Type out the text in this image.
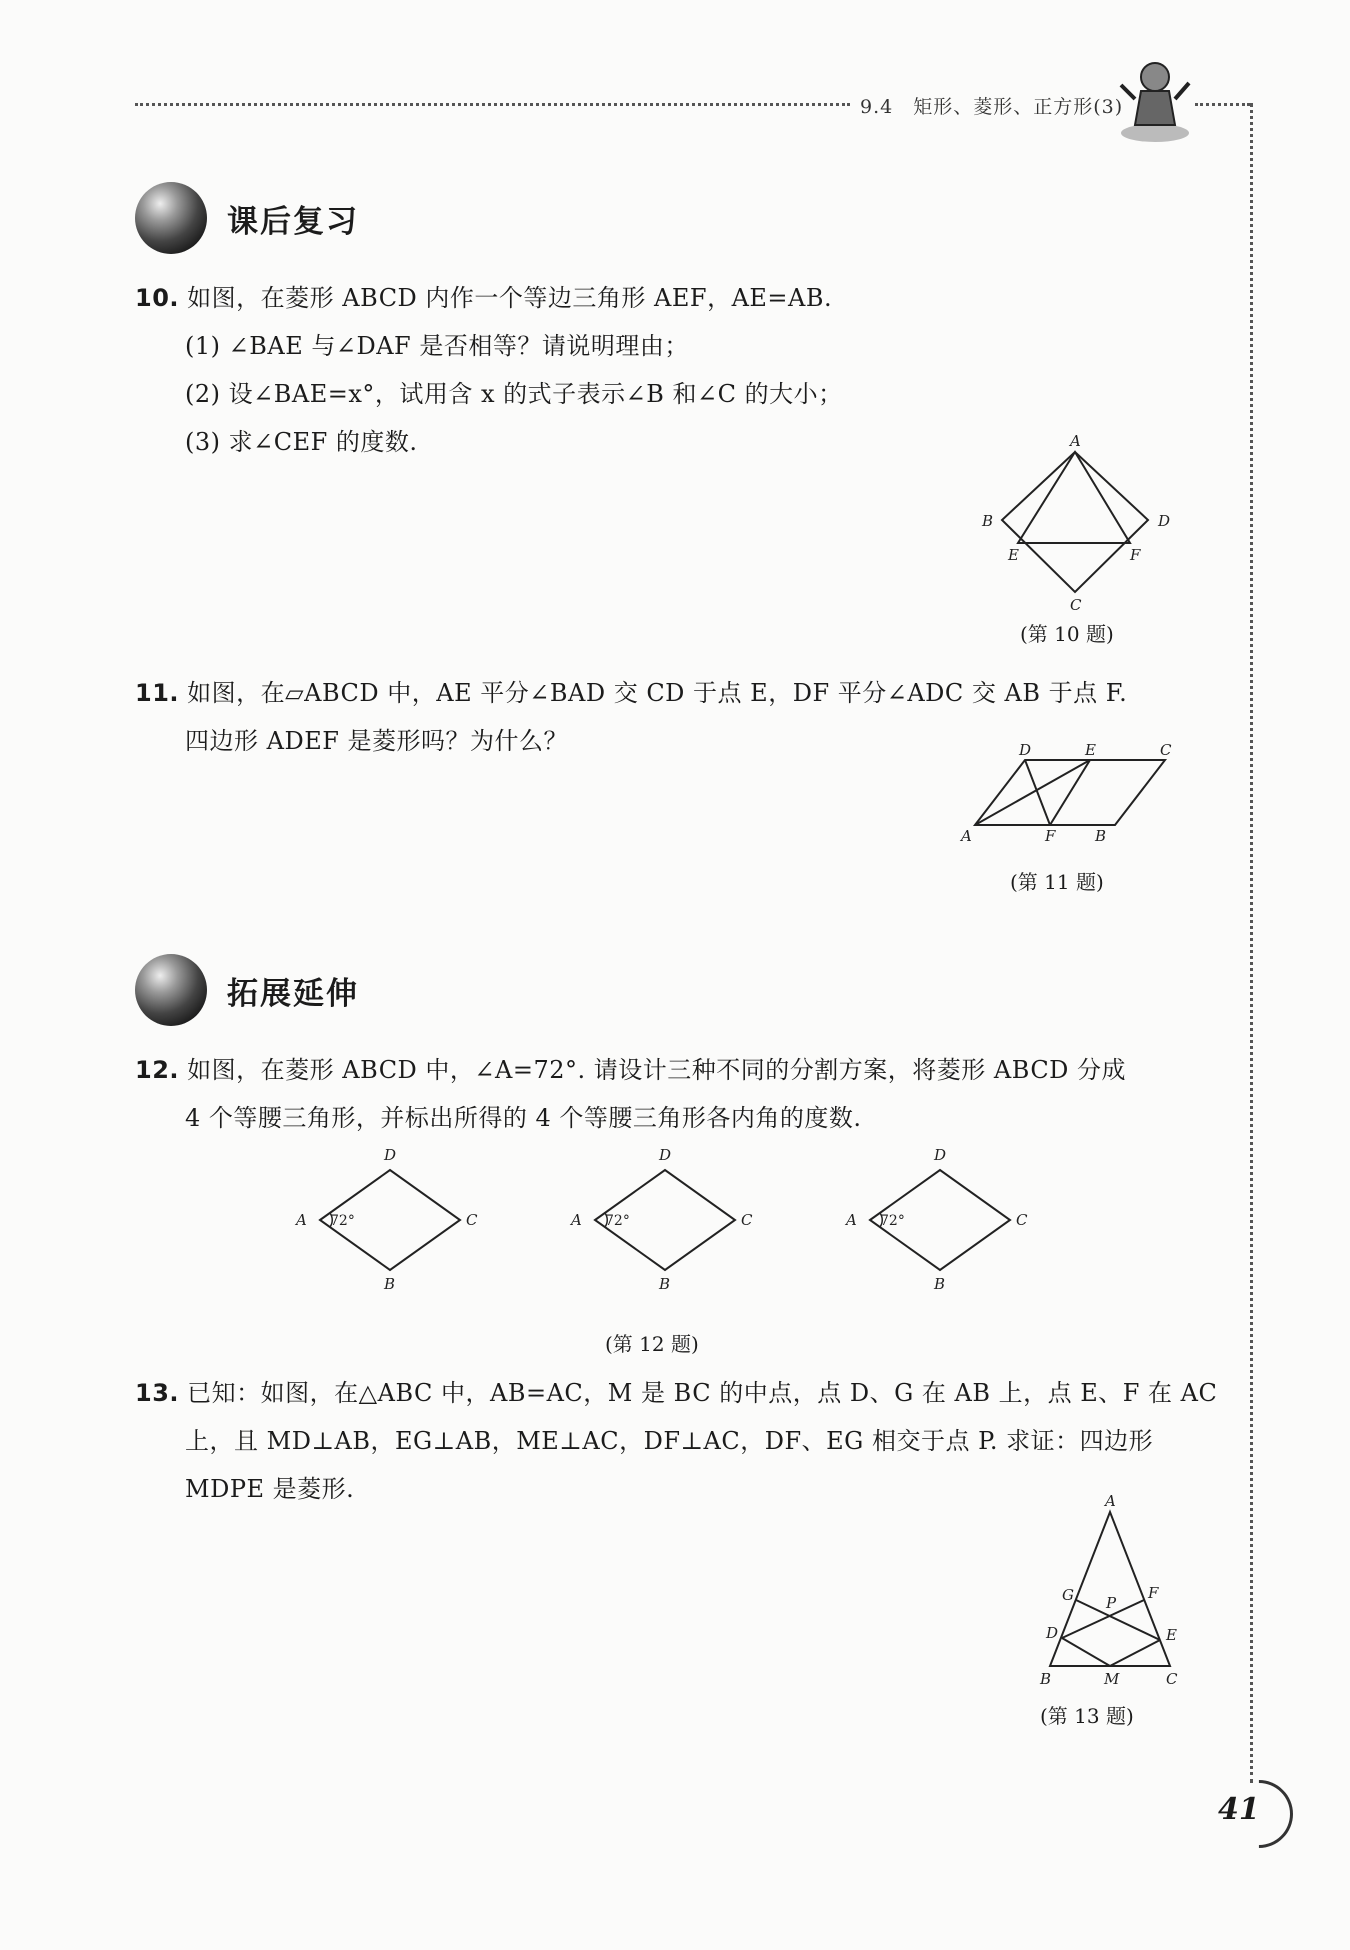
9.4　矩形、菱形、正方形(3)
课后复习
10. 如图，在菱形 ABCD 内作一个等边三角形 AEF，AE=AB.
(1) ∠BAE 与∠DAF 是否相等？请说明理由；
(2) 设∠BAE=x°，试用含 x 的式子表示∠B 和∠C 的大小；
(3) 求∠CEF 的度数.	A
B	D
E	F
C
(第 10 题)
11. 如图，在▱ABCD 中，AE 平分∠BAD 交 CD 于点 E，DF 平分∠ADC 交 AB 于点 F.
四边形 ADEF 是菱形吗？为什么？	D	E	C
A	F	B
(第 11 题)
拓展延伸
12. 如图，在菱形 ABCD 中，∠A=72°. 请设计三种不同的分割方案，将菱形 ABCD 分成
4 个等腰三角形，并标出所得的 4 个等腰三角形各内角的度数.
72°
D
A	C
B
72°
D
A	C
B
72°
D
A	C
B
(第 12 题)
13. 已知：如图，在△ABC 中，AB=AC，M 是 BC 的中点，点 D、G 在 AB 上，点 E、F 在 AC
上，且 MD⊥AB，EG⊥AB，ME⊥AC，DF⊥AC，DF、EG 相交于点 P. 求证：四边形
MDPE 是菱形.	A
G P
F
D	E
B	M	C
(第 13 题)
41
